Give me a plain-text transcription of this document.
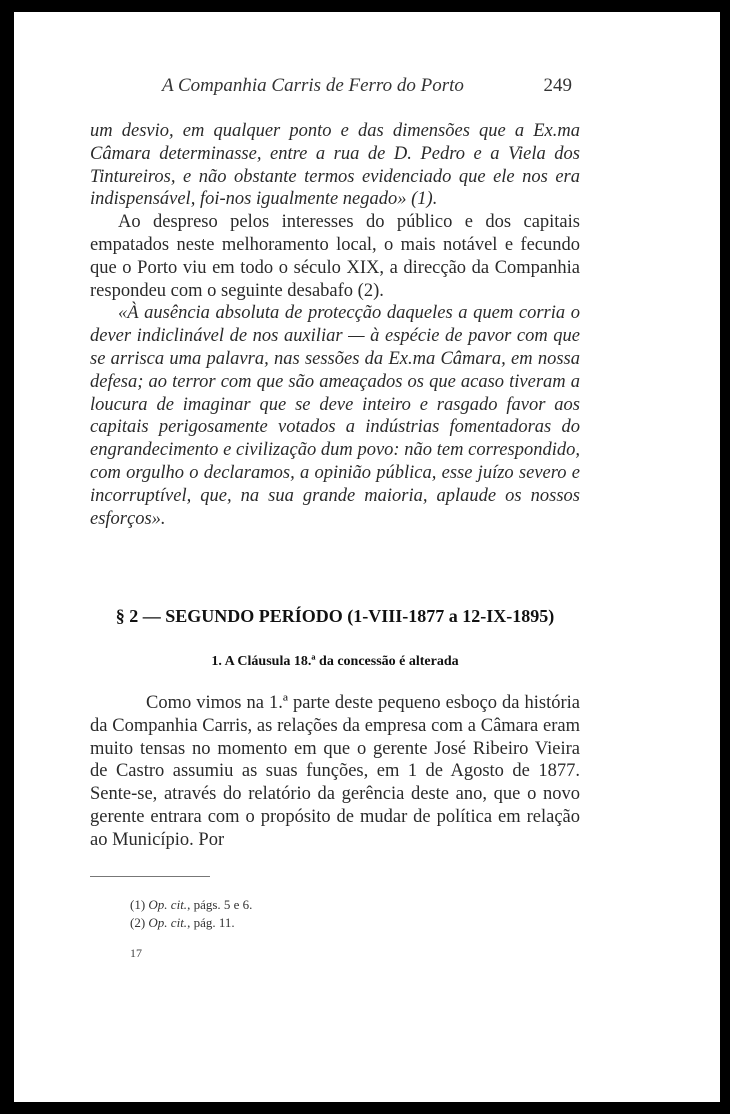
A Companhia Carris de Ferro do Porto	249

um desvio, em qualquer ponto e das dimensões que a Ex.ma Câmara determinasse, entre a rua de D. Pedro e a Viela dos Tintureiros, e não obstante termos evidenciado que ele nos era indispensável, foi-nos igualmente negado» (1).

Ao despreso pelos interesses do público e dos capitais empatados neste melhoramento local, o mais notável e fecundo que o Porto viu em todo o século XIX, a direcção da Companhia respondeu com o seguinte desabafo (2).

«À ausência absoluta de protecção daqueles a quem corria o dever indiclinável de nos auxiliar — à espécie de pavor com que se arrisca uma palavra, nas sessões da Ex.ma Câmara, em nossa defesa; ao terror com que são ameaçados os que acaso tiveram a loucura de imaginar que se deve inteiro e rasgado favor aos capitais perigosamente votados a indústrias fomentadoras do engrandecimento e civilização dum povo: não tem correspondido, com orgulho o declaramos, a opinião pública, esse juízo severo e incorruptível, que, na sua grande maioria, aplaude os nossos esforços».

§ 2 — SEGUNDO PERÍODO (1-VIII-1877 a 12-IX-1895)
1. A Cláusula 18.ª da concessão é alterada

Como vimos na 1.ª parte deste pequeno esboço da história da Companhia Carris, as relações da empresa com a Câmara eram muito tensas no momento em que o gerente José Ribeiro Vieira de Castro assumiu as suas funções, em 1 de Agosto de 1877. Sente-se, através do relatório da gerência deste ano, que o novo gerente entrara com o propósito de mudar de política em relação ao Município. Por

(1) Op. cit., págs. 5 e 6.

(2) Op. cit., pág. 11.

17
